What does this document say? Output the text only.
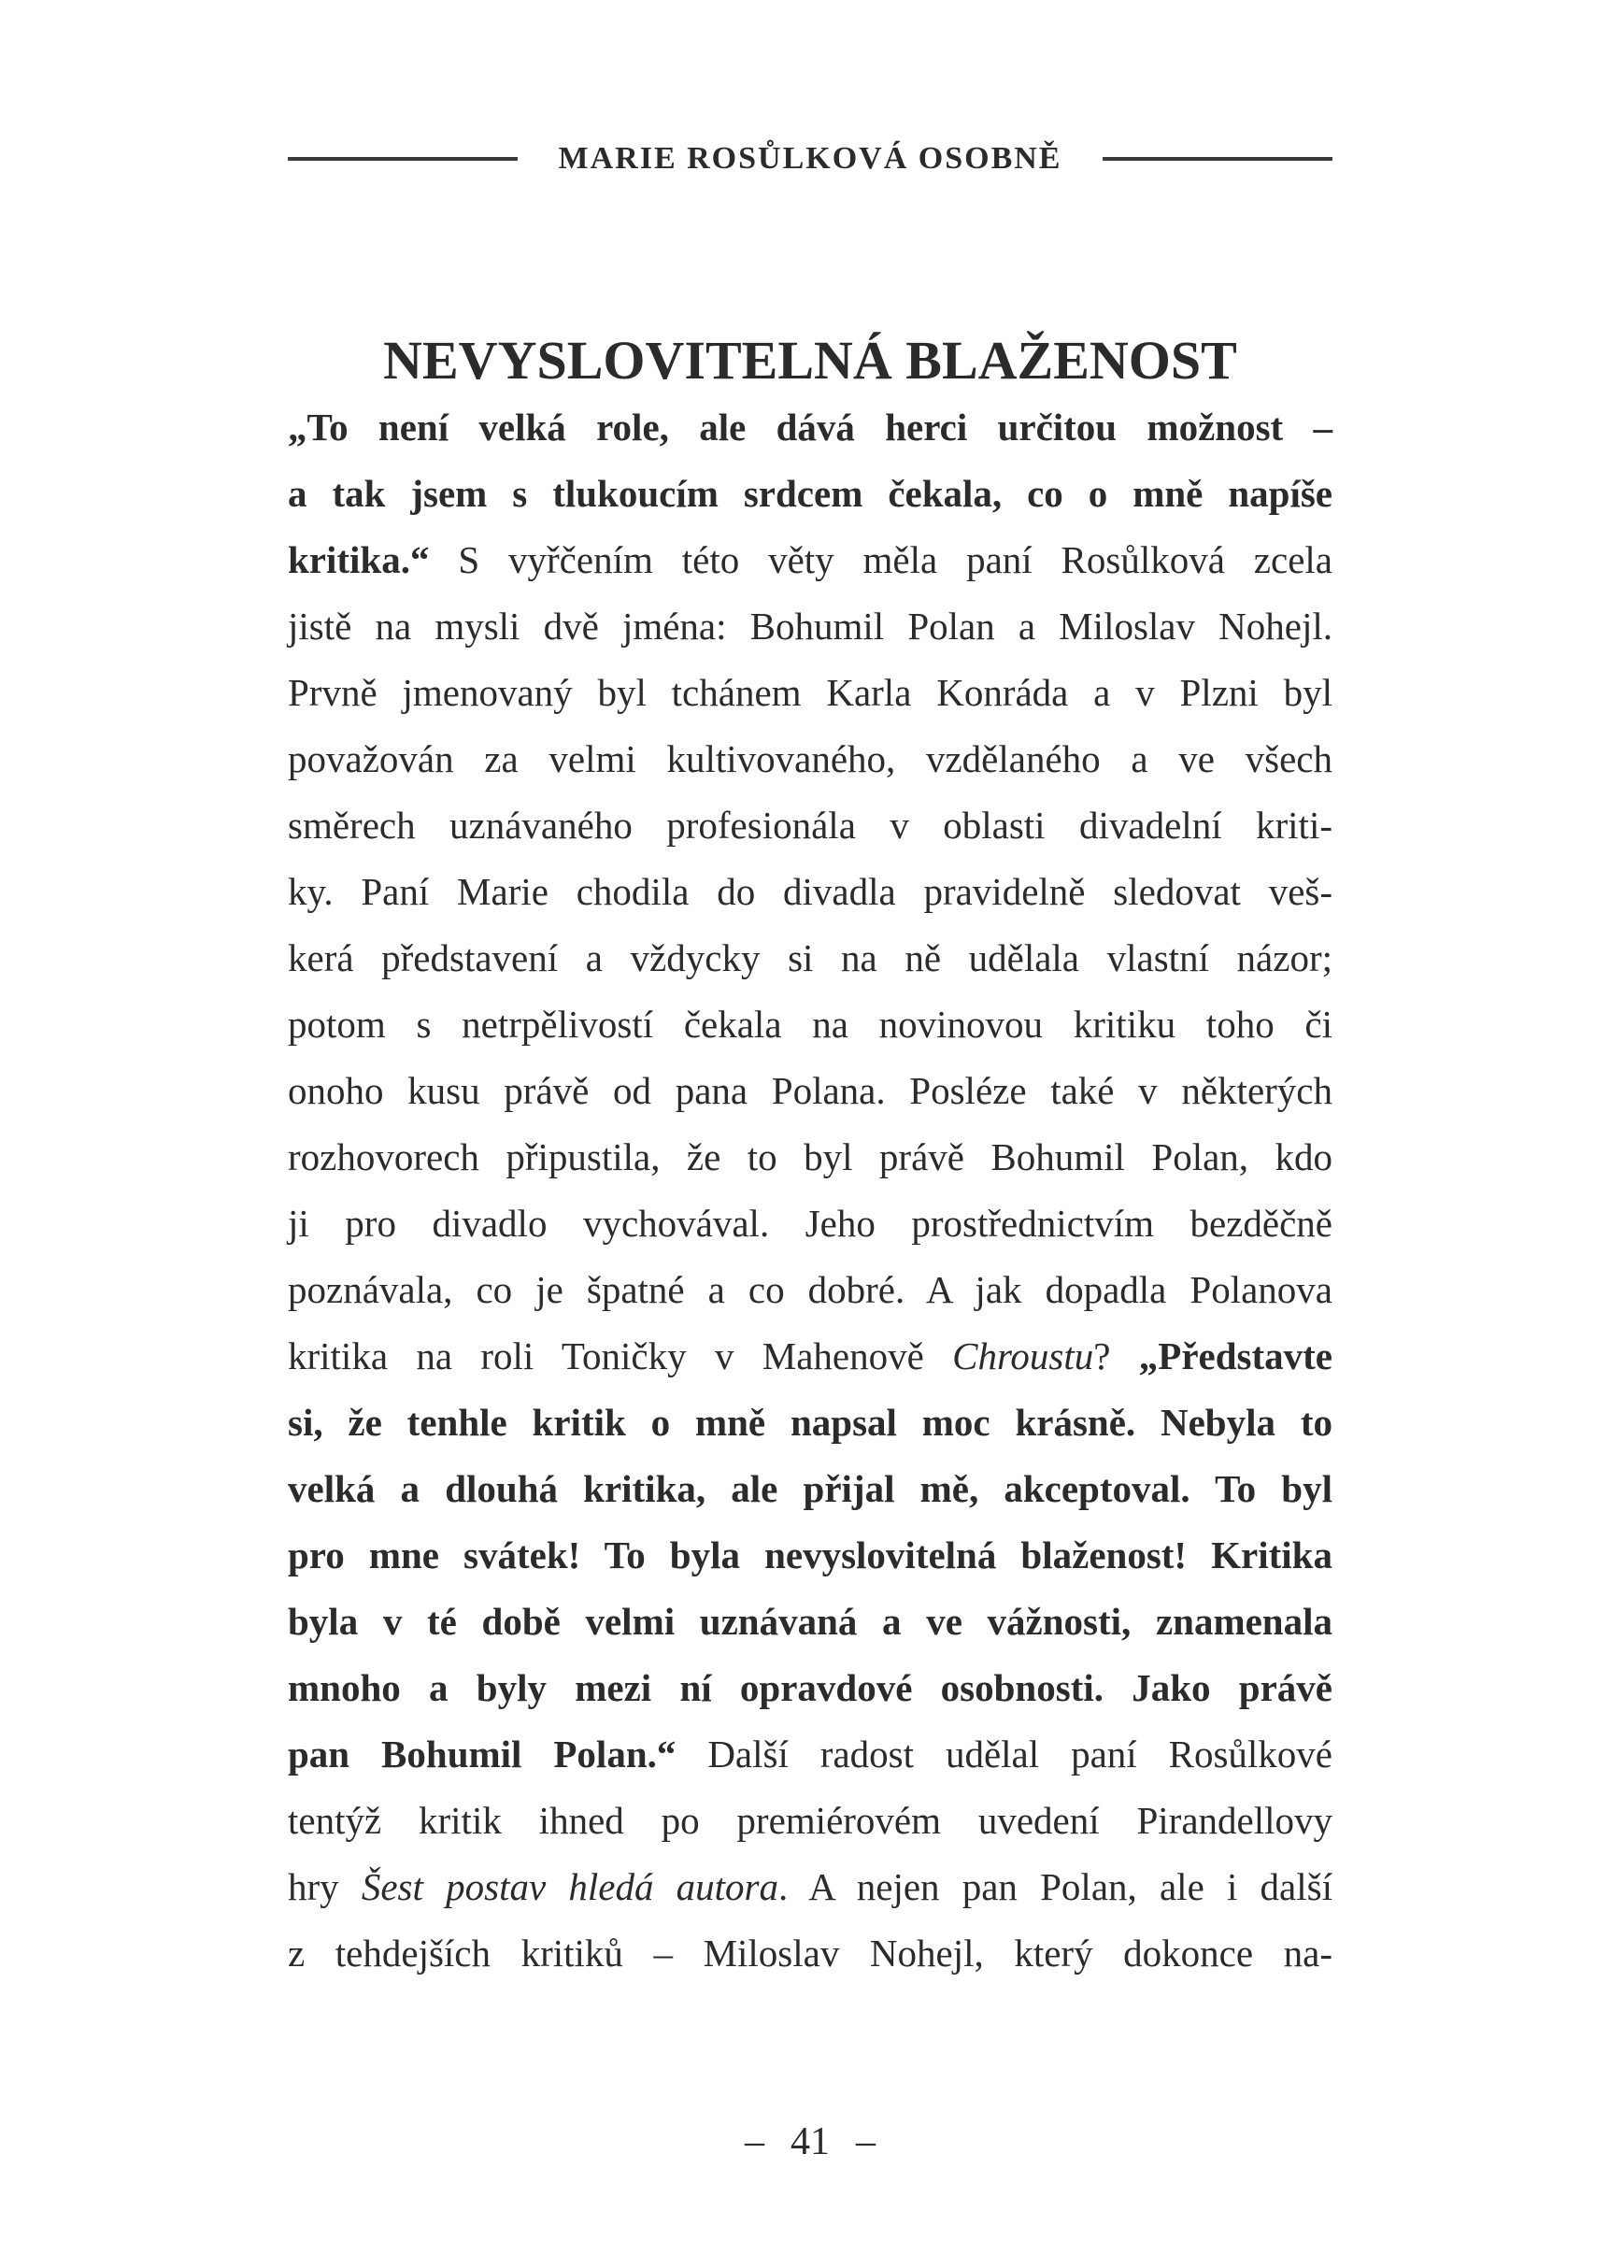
MARIE ROSŮLKOVÁ OSOBNĚ
NEVYSLOVITELNÁ BLAŽENOST
„To není velká role, ale dává herci určitou možnost –
a tak jsem s tlukoucím srdcem čekala, co o mně napíše
kritika.“ S vyřčením této věty měla paní Rosůlková zcela
jistě na mysli dvě jména: Bohumil Polan a Miloslav Nohejl.
Prvně jmenovaný byl tchánem Karla Konráda a v Plzni byl
považován za velmi kultivovaného, vzdělaného a ve všech
směrech uznávaného profesionála v oblasti divadelní kriti-
ky. Paní Marie chodila do divadla pravidelně sledovat veš-
kerá představení a vždycky si na ně udělala vlastní názor;
potom s netrpělivostí čekala na novinovou kritiku toho či
onoho kusu právě od pana Polana. Posléze také v některých
rozhovorech připustila, že to byl právě Bohumil Polan, kdo
ji pro divadlo vychovával. Jeho prostřednictvím bezděčně
poznávala, co je špatné a co dobré. A jak dopadla Polanova
kritika na roli Toničky v Mahenově Chroustu? „Představte
si, že tenhle kritik o mně napsal moc krásně. Nebyla to
velká a dlouhá kritika, ale přijal mě, akceptoval. To byl
pro mne svátek! To byla nevyslovitelná blaženost! Kritika
byla v té době velmi uznávaná a ve vážnosti, znamenala
mnoho a byly mezi ní opravdové osobnosti. Jako právě
pan Bohumil Polan.“ Další radost udělal paní Rosůlkové
tentýž kritik ihned po premiérovém uvedení Pirandellovy
hry Šest postav hledá autora. A nejen pan Polan, ale i další
z tehdejších kritiků – Miloslav Nohejl, který dokonce na-
– 41 –
